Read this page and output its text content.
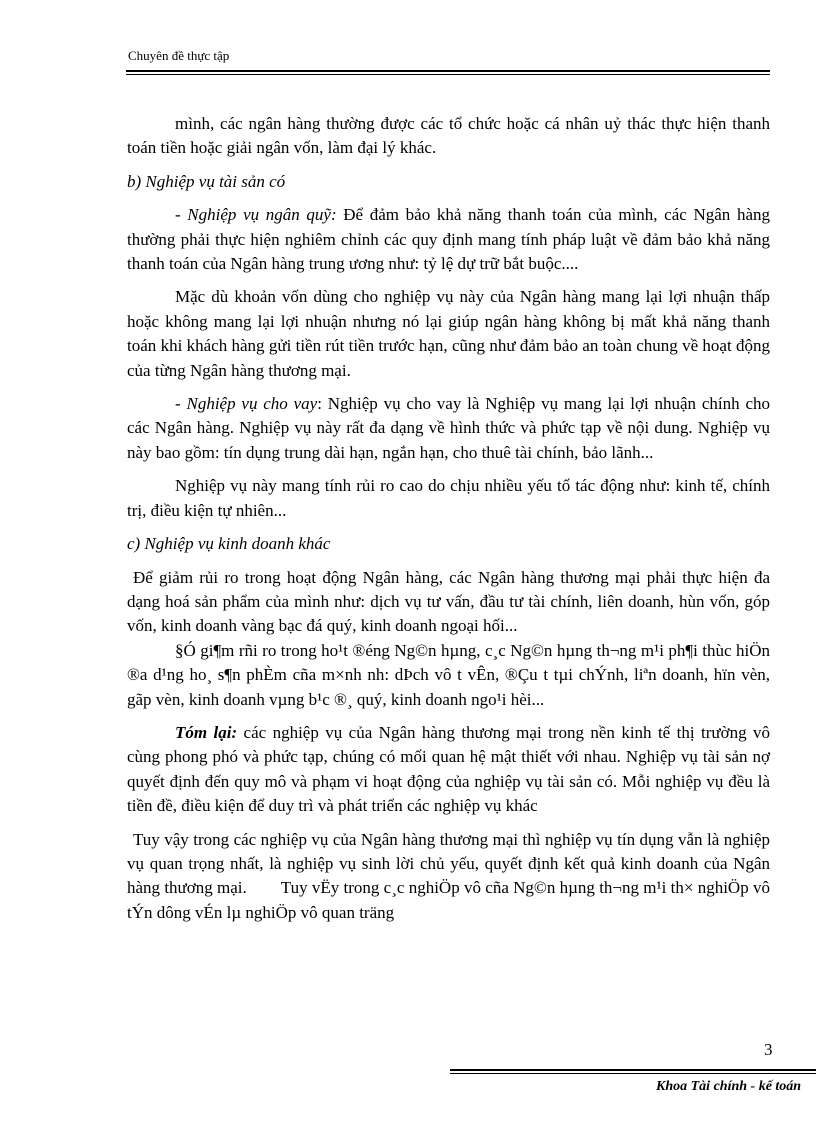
Chuyên đề thực tập

mình, các ngân hàng thường được các tổ chức hoặc cá nhân uỷ thác thực hiện thanh toán tiền hoặc giải ngân vốn, làm đại lý khác.

b) Nghiệp vụ tài sản có

- Nghiệp vụ ngân quỹ: Để đảm bảo khả năng thanh toán của mình, các Ngân hàng thường phải thực hiện nghiêm chỉnh các quy định mang tính pháp luật về đảm bảo khả năng thanh toán của Ngân hàng trung ương như: tỷ lệ dự trữ bắt buộc....

Mặc dù khoản vốn dùng cho nghiệp vụ này của Ngân hàng mang lại lợi nhuận thấp hoặc không mang lại lợi nhuận nhưng nó lại giúp ngân hàng không bị mất khả năng thanh toán khi khách hàng gửi tiền rút tiền trước hạn, cũng như đảm bảo an toàn chung về hoạt động của từng Ngân hàng thương mại.

- Nghiệp vụ cho vay: Nghiệp vụ cho vay là Nghiệp vụ mang lại lợi nhuận chính cho các Ngân hàng. Nghiệp vụ này rất đa dạng về hình thức và phức tạp về nội dung. Nghiệp vụ này bao gồm: tín dụng trung dài hạn, ngắn hạn, cho thuê tài chính, bảo lãnh...

Nghiệp vụ này mang tính rủi ro cao do chịu nhiều yếu tố tác động như: kinh tế, chính trị, điều kiện tự nhiên...

c) Nghiệp vụ kinh doanh khác

Để giảm rủi ro trong hoạt động Ngân hàng, các Ngân hàng thương mại phải thực hiện đa dạng hoá sản phẩm của mình như: dịch vụ tư vấn, đầu tư tài chính, liên doanh, hùn vốn, góp vốn, kinh doanh vàng bạc đá quý, kinh doanh ngoại hối...

§Ó gi¶m rñi ro trong ho¹t ®éng Ng©n hµng, c¸c Ng©n hµng th¬ng m¹i ph¶i thùc hiÖn ®a d¹ng ho¸ s¶n phÈm cña m×nh nh: dÞch vô t vÊn, ®Çu t tµi chÝnh, liªn doanh, hïn vèn, gãp vèn, kinh doanh vµng b¹c ®¸ quý, kinh doanh ngo¹i hèi...

Tóm lại: các nghiệp vụ của Ngân hàng thương mại trong nền kinh tế thị trường vô cùng phong phó và phức tạp, chúng có mối quan hệ mật thiết với nhau. Nghiệp vụ tài sản nợ quyết định đến quy mô và phạm vi hoạt động của nghiệp vụ tài sản có. Mỗi nghiệp vụ đều là tiền đề, điều kiện để duy trì và phát triển các nghiệp vụ khác

Tuy vậy trong các nghiệp vụ của Ngân hàng thương mại thì nghiệp vụ tín dụng vẫn là nghiệp vụ quan trọng nhất, là nghiệp vụ sinh lời chủ yếu, quyết định kết quả kinh doanh của Ngân hàng thương mại. Tuy vËy trong c¸c nghiÖp vô cña Ng©n hµng th¬ng m¹i th× nghiÖp vô tÝn dông vÉn lµ nghiÖp vô quan träng

3
Khoa Tài chính - kế toán
